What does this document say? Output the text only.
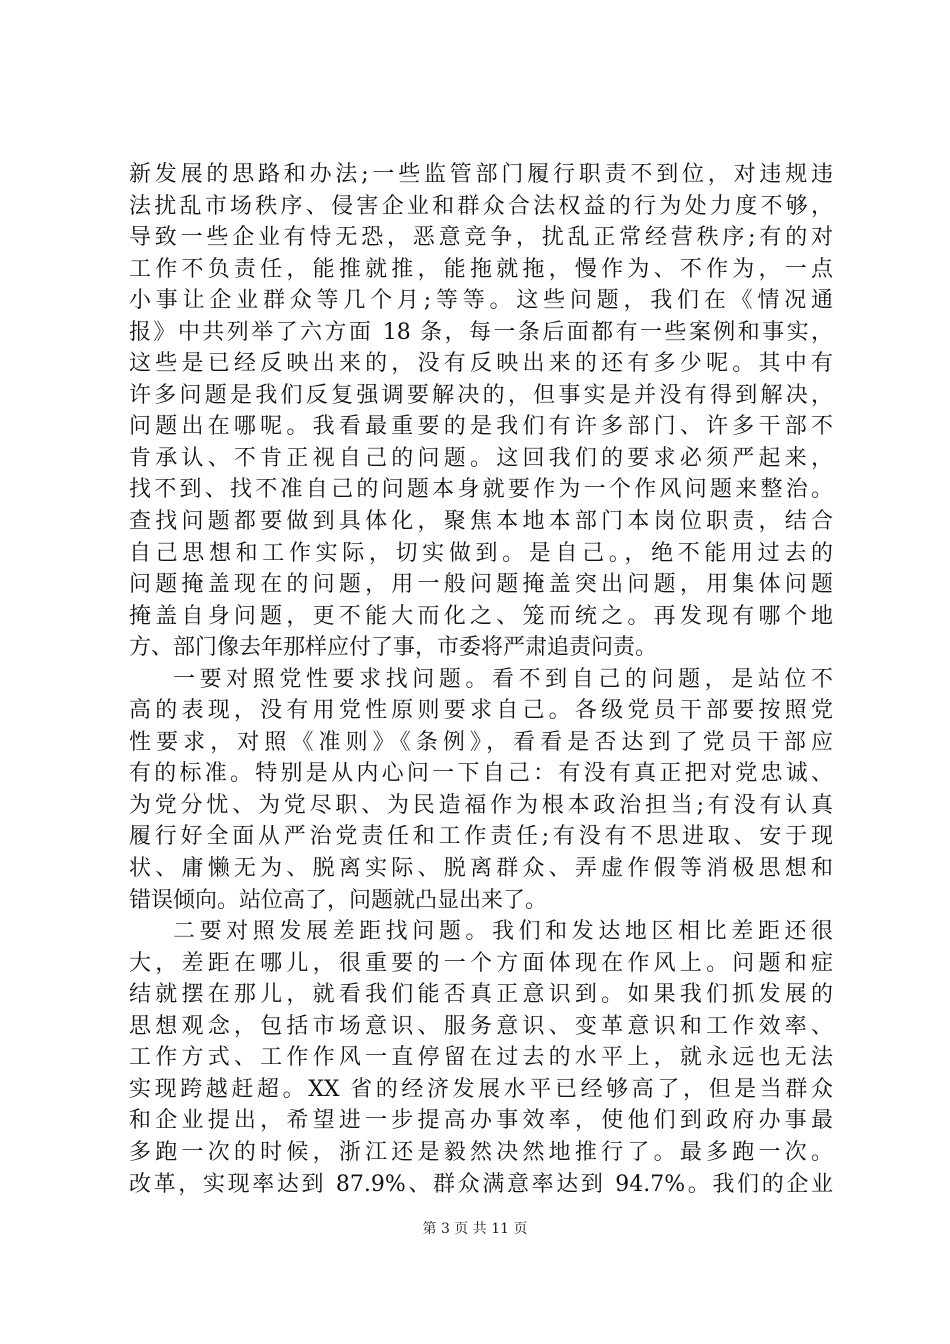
新发展的思路和办法;一些监管部门履行职责不到位，对违规违
法扰乱市场秩序、侵害企业和群众合法权益的行为处力度不够，
导致一些企业有恃无恐，恶意竞争，扰乱正常经营秩序;有的对
工作不负责任，能推就推，能拖就拖，慢作为、不作为，一点
小事让企业群众等几个月;等等。这些问题，我们在《情况通
报》中共列举了六方面 18 条，每一条后面都有一些案例和事实，
这些是已经反映出来的，没有反映出来的还有多少呢。其中有
许多问题是我们反复强调要解决的，但事实是并没有得到解决，
问题出在哪呢。我看最重要的是我们有许多部门、许多干部不
肯承认、不肯正视自己的问题。这回我们的要求必须严起来，
找不到、找不准自己的问题本身就要作为一个作风问题来整治。
查找问题都要做到具体化，聚焦本地本部门本岗位职责，结合
自己思想和工作实际，切实做到。是自己。，绝不能用过去的
问题掩盖现在的问题，用一般问题掩盖突出问题，用集体问题
掩盖自身问题，更不能大而化之、笼而统之。再发现有哪个地
方、部门像去年那样应付了事，市委将严肃追责问责。
一要对照党性要求找问题。看不到自己的问题，是站位不
高的表现，没有用党性原则要求自己。各级党员干部要按照党
性要求，对照《准则》《条例》，看看是否达到了党员干部应
有的标准。特别是从内心问一下自己：有没有真正把对党忠诚、
为党分忧、为党尽职、为民造福作为根本政治担当;有没有认真
履行好全面从严治党责任和工作责任;有没有不思进取、安于现
状、庸懒无为、脱离实际、脱离群众、弄虚作假等消极思想和
错误倾向。站位高了，问题就凸显出来了。
二要对照发展差距找问题。我们和发达地区相比差距还很
大，差距在哪儿，很重要的一个方面体现在作风上。问题和症
结就摆在那儿，就看我们能否真正意识到。如果我们抓发展的
思想观念，包括市场意识、服务意识、变革意识和工作效率、
工作方式、工作作风一直停留在过去的水平上，就永远也无法
实现跨越赶超。XX 省的经济发展水平已经够高了，但是当群众
和企业提出，希望进一步提高办事效率，使他们到政府办事最
多跑一次的时候，浙江还是毅然决然地推行了。最多跑一次。
改革，实现率达到 87.9%、群众满意率达到 94.7%。我们的企业
第 3 页 共 11 页
